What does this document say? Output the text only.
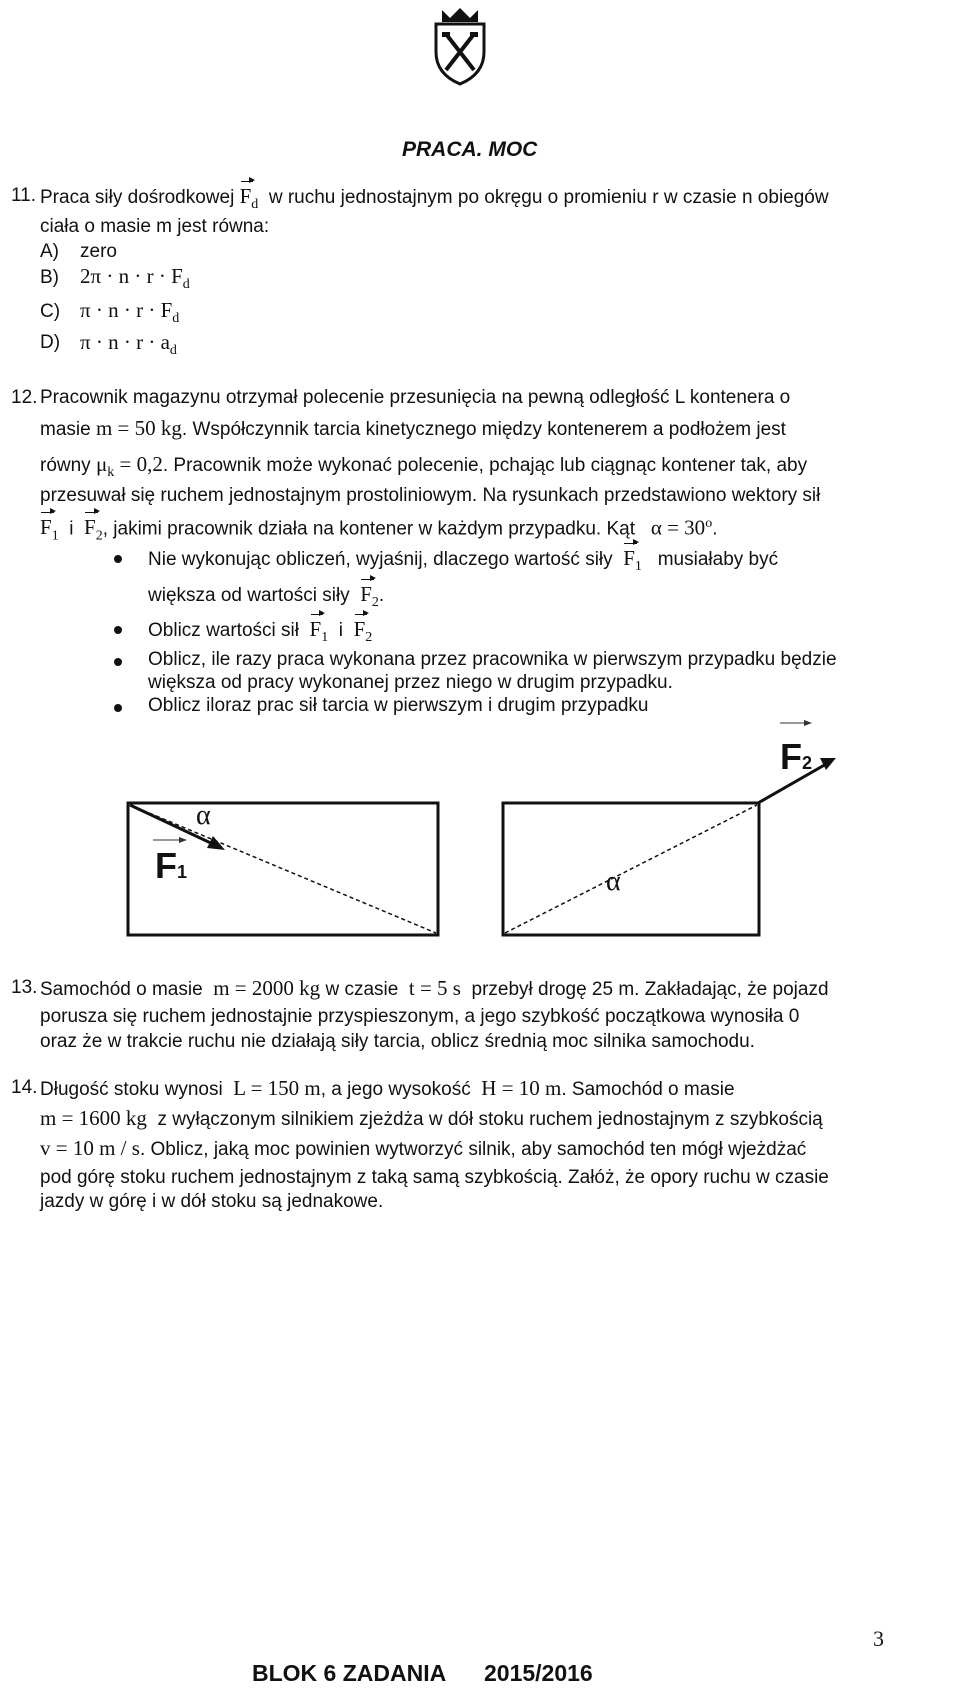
PRACA. MOC
11. Praca siły dośrodkowej $F_d$ w ruchu jednostajnym po okręgu o promieniu r w czasie n obiegów
ciała o masie m jest równa:
A) zero
B) $2\pi \cdot n \cdot r \cdot F_d$
C) $\pi \cdot n \cdot r \cdot F_d$
D) $\pi \cdot n \cdot r \cdot a_d$
12. Pracownik magazynu otrzymał polecenie przesunięcia na pewną odległość L kontenera o
masie m = 50 kg. Współczynnik tarcia kinetycznego między kontenerem a podłożem jest
równy $\mu_k = 0,2$. Pracownik może wykonać polecenie, pchając lub ciągnąc kontener tak, aby
przesuwał się ruchem jednostajnym prostoliniowym. Na rysunkach przedstawiono wektory sił
$F_1$ i $F_2$, jakimi pracownik działa na kontener w każdym przypadku. Kąt $\alpha = 30^o$.
Nie wykonując obliczeń, wyjaśnij, dlaczego wartość siły $F_1$ musiałaby być
większa od wartości siły $F_2$.
Oblicz wartości sił $F_1$ i $F_2$
Oblicz, ile razy praca wykonana przez pracownika w pierwszym przypadku będzie
większa od pracy wykonanej przez niego w drugim przypadku.
Oblicz iloraz prac sił tarcia w pierwszym i drugim przypadku
α
F1
F2
α
13. Samochód o masie m = 2000 kg w czasie t = 5 s przebył drogę 25 m. Zakładając, że pojazd
porusza się ruchem jednostajnie przyspieszonym, a jego szybkość początkowa wynosiła 0
oraz że w trakcie ruchu nie działają siły tarcia, oblicz średnią moc silnika samochodu.
14. Długość stoku wynosi L = 150 m, a jego wysokość H = 10 m. Samochód o masie
m = 1600 kg z wyłączonym silnikiem zjeżdża w dół stoku ruchem jednostajnym z szybkością
v = 10 m / s. Oblicz, jaką moc powinien wytworzyć silnik, aby samochód ten mógł wjeżdżać
pod górę stoku ruchem jednostajnym z taką samą szybkością. Załóż, że opory ruchu w czasie
jazdy w górę i w dół stoku są jednakowe.
3
BLOK 6 ZADANIA 2015/2016
